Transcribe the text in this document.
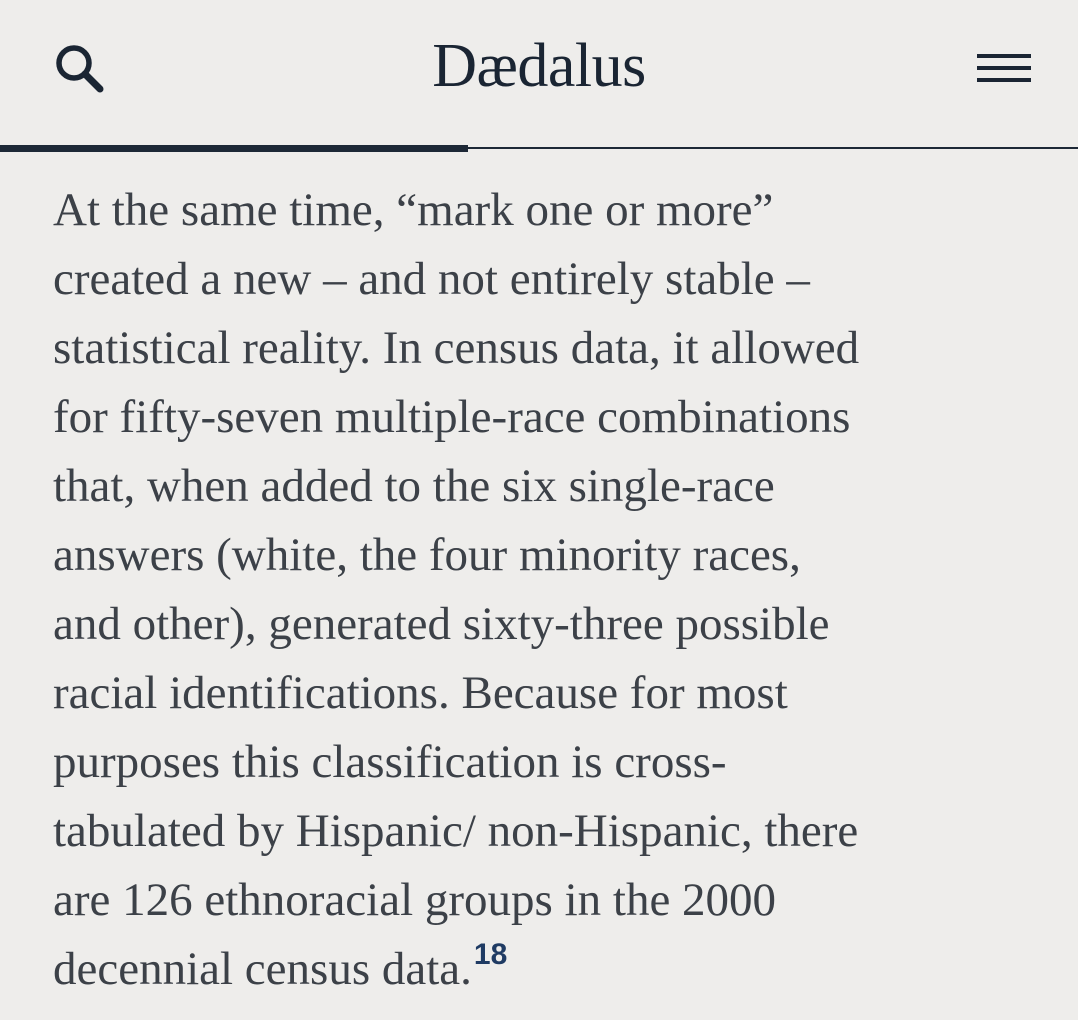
Dædalus

At the same time, “mark one or more”
created a new – and not entirely stable –
statistical reality. In census data, it allowed
for fifty-seven multiple-race combinations
that, when added to the six single-race
answers (white, the four minority races,
and other), generated sixty-three possible
racial identifications. Because for most
purposes this classification is cross-
tabulated by Hispanic/ non-Hispanic, there
are 126 ethnoracial groups in the 2000
decennial census data.$^{18}$
